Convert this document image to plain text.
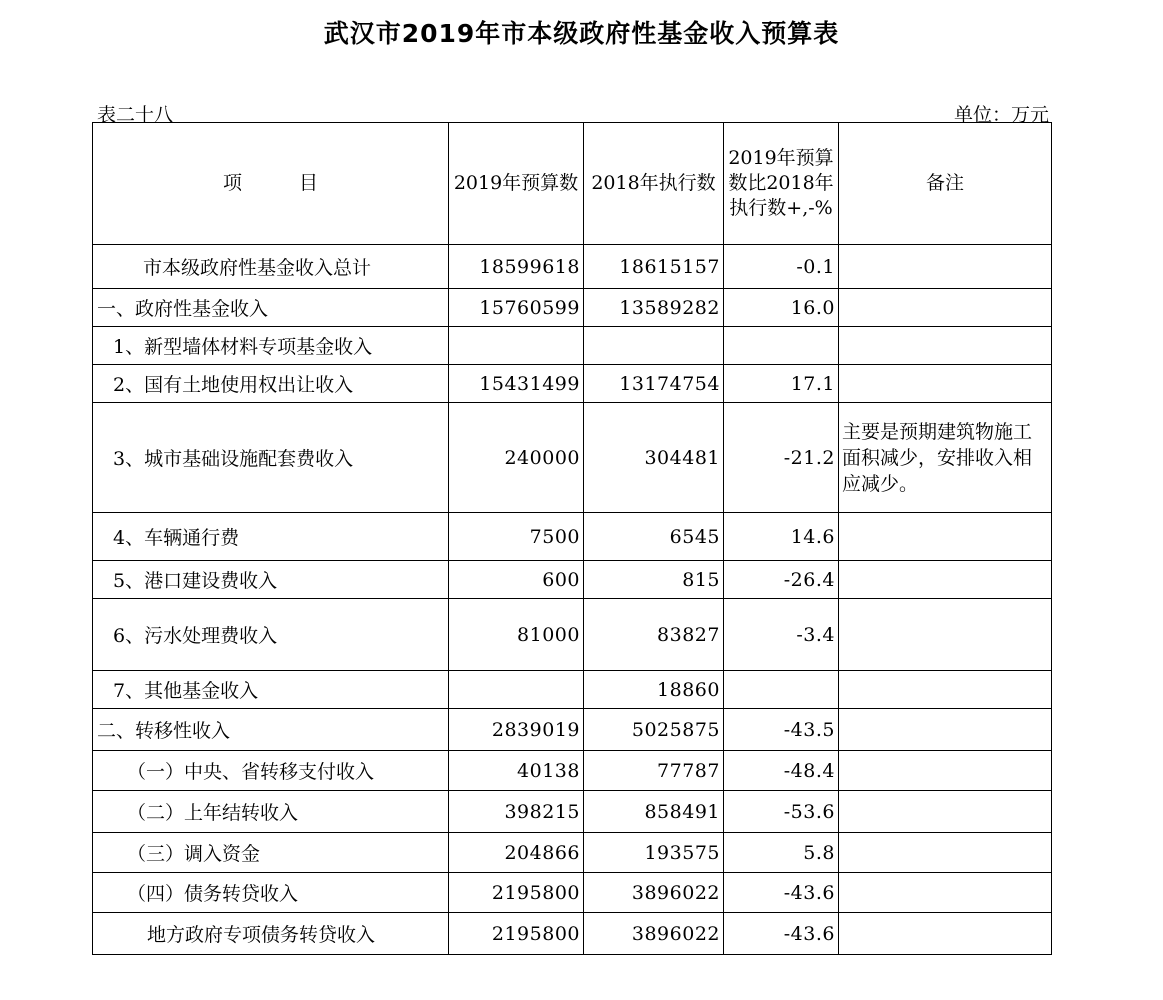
武汉市2019年市本级政府性基金收入预算表
表二十八	单位：万元
项　　　目	2019年预算数	2018年执行数	2019年预算数比2018年执行数+,-%	备注
市本级政府性基金收入总计	18599618	18615157	-0.1	
一、政府性基金收入	15760599	13589282	16.0	
1、新型墙体材料专项基金收入				
2、国有土地使用权出让收入	15431499	13174754	17.1	
3、城市基础设施配套费收入	240000	304481	-21.2	主要是预期建筑物施工面积减少，安排收入相应减少。
4、车辆通行费	7500	6545	14.6	
5、港口建设费收入	600	815	-26.4	
6、污水处理费收入	81000	83827	-3.4	
7、其他基金收入		18860		
二、转移性收入	2839019	5025875	-43.5	
（一）中央、省转移支付收入	40138	77787	-48.4	
（二）上年结转收入	398215	858491	-53.6	
（三）调入资金	204866	193575	5.8	
（四）债务转贷收入	2195800	3896022	-43.6	
地方政府专项债务转贷收入	2195800	3896022	-43.6	
